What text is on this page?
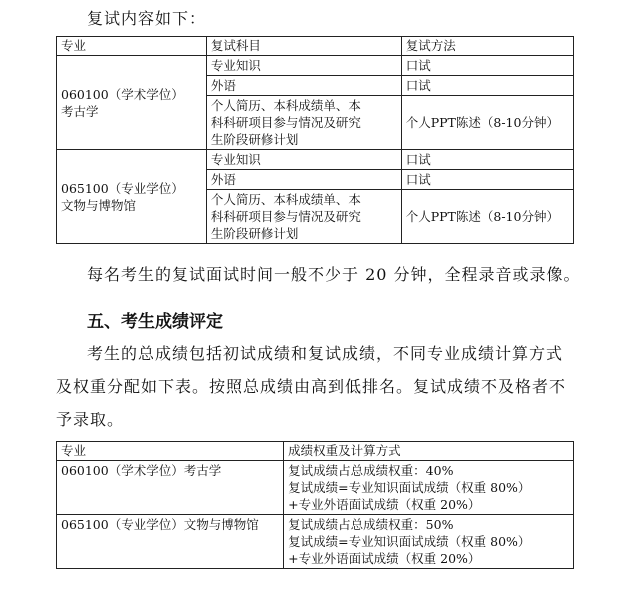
复试内容如下：
专业	复试科目	复试方法

060100（学术学位）
考古学	专业知识	口试

	外语	口试

	个人简历、本科成绩单、本
科科研项目参与情况及研究
生阶段研修计划	个人PPT陈述（8-10分钟）

065100（专业学位）
文物与博物馆	专业知识	口试

	外语	口试

	个人简历、本科成绩单、本
科科研项目参与情况及研究
生阶段研修计划	个人PPT陈述（8-10分钟）
每名考生的复试面试时间一般不少于 20 分钟，全程录音或录像。
五、考生成绩评定
考生的总成绩包括初试成绩和复试成绩，不同专业成绩计算方式
及权重分配如下表。按照总成绩由高到低排名。复试成绩不及格者不
予录取。
专业	成绩权重及计算方式
060100（学术学位）考古学	复试成绩占总成绩权重：40%
复试成绩=专业知识面试成绩（权重 80%）
+专业外语面试成绩（权重 20%）

065100（专业学位）文物与博物馆	复试成绩占总成绩权重：50%
复试成绩=专业知识面试成绩（权重 80%）
+专业外语面试成绩（权重 20%）
